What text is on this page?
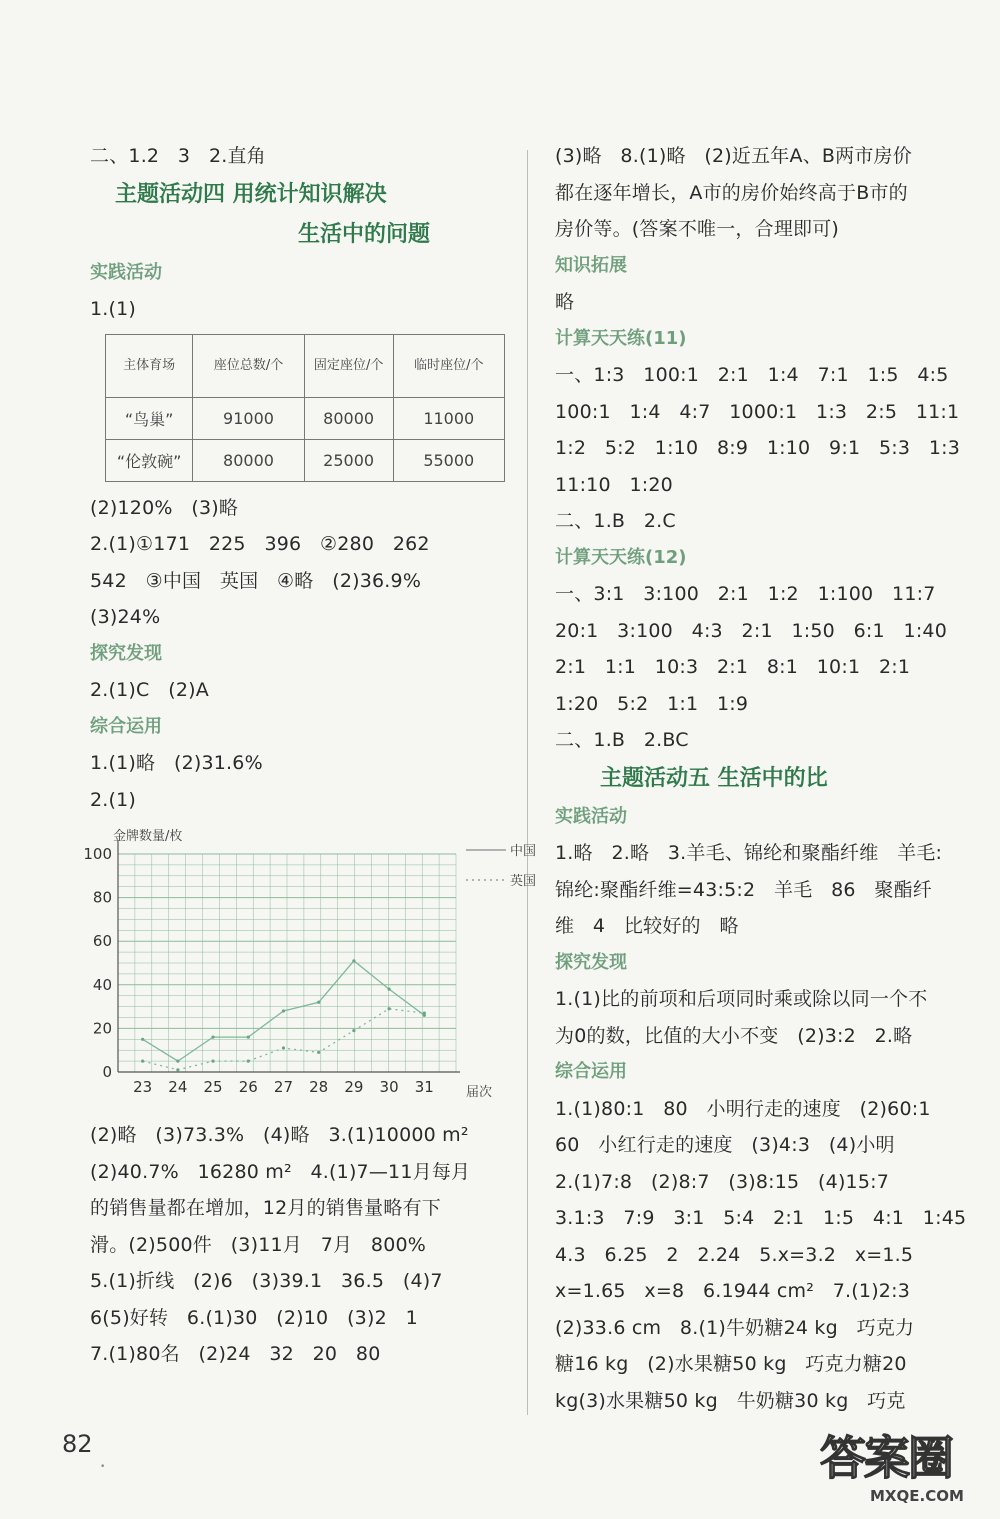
二、1.2   3   2.直角
主题活动四 用统计知识解决
生活中的问题
实践活动
1.(1)
主体育场	座位总数/个	固定座位/个	临时座位/个
“鸟巢”	91000	80000	11000
“伦敦碗”	80000	25000	55000
(2)120%   (3)略
2.(1)①171   225   396   ②280   262
542   ③中国   英国   ④略   (2)36.9%
(3)24%
探究发现
2.(1)C   (2)A
综合运用
1.(1)略   (2)31.6%
2.(1)
0
20
40
60
80
100
23 24 25 26 27 28 29 30 31
中国
英国
金牌数量/枚
届次
(2)略   (3)73.3%   (4)略   3.(1)10000 m²
(2)40.7%   16280 m²   4.(1)7—11月每月
的销售量都在增加，12月的销售量略有下
滑。(2)500件   (3)11月   7月   800%
5.(1)折线   (2)6   (3)39.1   36.5   (4)7
6(5)好转   6.(1)30   (2)10   (3)2   1
7.(1)80名   (2)24   32   20   80
(3)略   8.(1)略   (2)近五年A、B两市房价
都在逐年增长，A市的房价始终高于B市的
房价等。(答案不唯一，合理即可)
知识拓展
略
计算天天练(11)
一、1:3   100:1   2:1   1:4   7:1   1:5   4:5
100:1   1:4   4:7   1000:1   1:3   2:5   11:1
1:2   5:2   1:10   8:9   1:10   9:1   5:3   1:3
11:10   1:20
二、1.B   2.C
计算天天练(12)
一、3:1   3:100   2:1   1:2   1:100   11:7
20:1   3:100   4:3   2:1   1:50   6:1   1:40
2:1   1:1   10:3   2:1   8:1   10:1   2:1
1:20   5:2   1:1   1:9
二、1.B   2.BC
主题活动五 生活中的比
实践活动
1.略   2.略   3.羊毛、锦纶和聚酯纤维   羊毛:
锦纶:聚酯纤维=43:5:2   羊毛   86   聚酯纤
维   4   比较好的   略
探究发现
1.(1)比的前项和后项同时乘或除以同一个不
为0的数，比值的大小不变   (2)3:2   2.略
综合运用
1.(1)80:1   80   小明行走的速度   (2)60:1
60   小红行走的速度   (3)4:3   (4)小明
2.(1)7:8   (2)8:7   (3)8:15   (4)15:7
3.1:3   7:9   3:1   5:4   2:1   1:5   4:1   1:45
4.3   6.25   2   2.24   5.x=3.2   x=1.5
x=1.65   x=8   6.1944 cm²   7.(1)2:3
(2)33.6 cm   8.(1)牛奶糖24 kg   巧克力
糖16 kg   (2)水果糖50 kg   巧克力糖20
kg(3)水果糖50 kg   牛奶糖30 kg   巧克
82
•	答案圈
MXQE.COM
